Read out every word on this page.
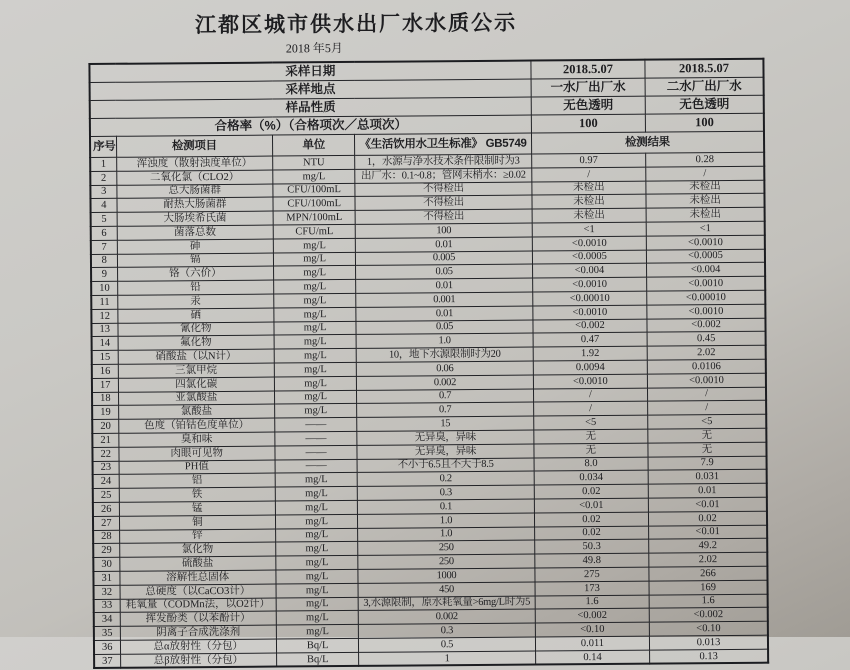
江都区城市供水出厂水水质公示
2018 年5月
采样日期				2018.5.07	2018.5.07
采样地点				一水厂出厂水	二水厂出厂水
样品性质				无色透明	无色透明
合格率（%）（合格项次／总项次）				100	100
序号	检测项目	单位	《生活饮用水卫生标准》 GB5749	检测结果	
1	浑浊度（散射浊度单位）	NTU	1，水源与净水技术条件限制时为3	0.97	0.28
2	二氧化氯（CLO2）	mg/L	出厂水：0.1~0.8；管网末梢水：≥0.02	/	/
3	总大肠菌群	CFU/100mL	不得检出	未检出	未检出
4	耐热大肠菌群	CFU/100mL	不得检出	未检出	未检出
5	大肠埃希氏菌	MPN/100mL	不得检出	未检出	未检出
6	菌落总数	CFU/mL	100	<1	<1
7	砷	mg/L	0.01	<0.0010	<0.0010
8	镉	mg/L	0.005	<0.0005	<0.0005
9	铬（六价）	mg/L	0.05	<0.004	<0.004
10	铅	mg/L	0.01	<0.0010	<0.0010
11	汞	mg/L	0.001	<0.00010	<0.00010
12	硒	mg/L	0.01	<0.0010	<0.0010
13	氰化物	mg/L	0.05	<0.002	<0.002
14	氟化物	mg/L	1.0	0.47	0.45
15	硝酸盐（以N计）	mg/L	10，地下水源限制时为20	1.92	2.02
16	三氯甲烷	mg/L	0.06	0.0094	0.0106
17	四氯化碳	mg/L	0.002	<0.0010	<0.0010
18	亚氯酸盐	mg/L	0.7	/	/
19	氯酸盐	mg/L	0.7	/	/
20	色度（铂钴色度单位）	——	15	<5	<5
21	臭和味	——	无异臭，异味	无	无
22	肉眼可见物	——	无异臭，异味	无	无
23	PH值	——	不小于6.5且不大于8.5	8.0	7.9
24	铝	mg/L	0.2	0.034	0.031
25	铁	mg/L	0.3	0.02	0.01
26	锰	mg/L	0.1	<0.01	<0.01
27	铜	mg/L	1.0	0.02	0.02
28	锌	mg/L	1.0	0.02	<0.01
29	氯化物	mg/L	250	50.3	49.2
30	硫酸盐	mg/L	250	49.8	2.02
31	溶解性总固体	mg/L	1000	275	266
32	总硬度（以CaCO3计）	mg/L	450	173	169
33	耗氧量（CODMn法，以O2计）	mg/L	3,水源限制，原水耗氧量>6mg/L时为5	1.6	1.6
34	挥发酚类（以苯酚计）	mg/L	0.002	<0.002	<0.002
35	阴离子合成洗涤剂	mg/L	0.3	<0.10	<0.10
36	总α放射性（分包）	Bq/L	0.5	0.011	0.013
37	总β放射性（分包）	Bq/L	1	0.14	0.13
